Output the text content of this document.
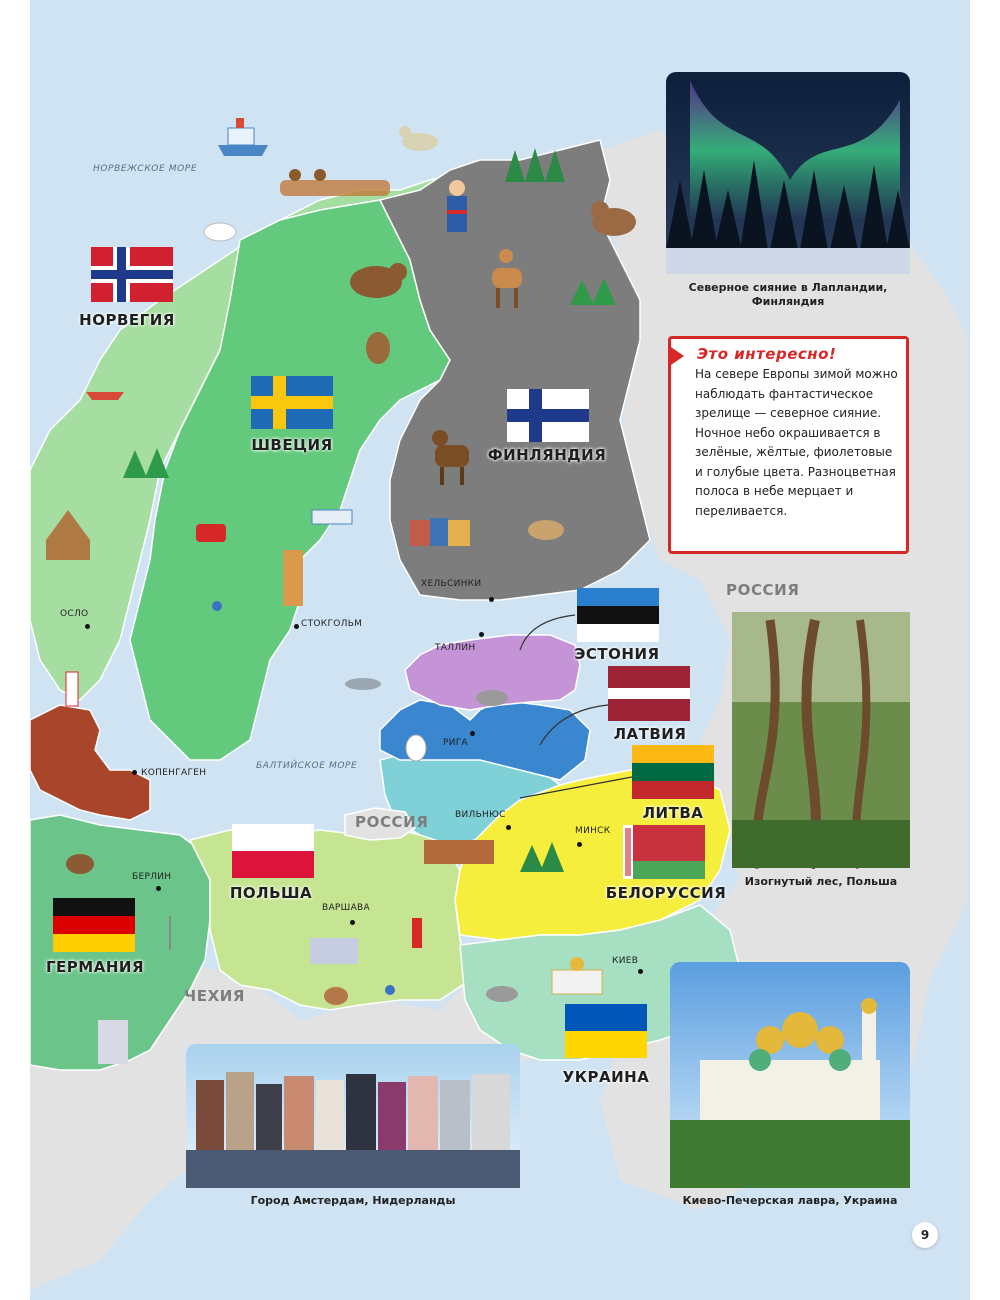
НОРВЕГИЯ
ШВЕЦИЯ
ФИНЛЯНДИЯ
ЭСТОНИЯ
ЛАТВИЯ
ЛИТВА
БЕЛОРУССИЯ
ПОЛЬША
ГЕРМАНИЯ
УКРАИНА
РОССИЯ
РОССИЯ
ЧЕХИЯ
НОРВЕЖСКОЕ МОРЕ
БАЛТИЙСКОЕ МОРЕ
ОСЛО
СТОКГОЛЬМ
ХЕЛЬСИНКИ
ТАЛЛИН
РИГА
ВИЛЬНЮС
МИНСК
ВАРШАВА
БЕРЛИН
КОПЕНГАГЕН
КИЕВ
Северное сияние в Лапландии, Финляндия
Изогнутый лес, Польша
Город Амстердам, Нидерланды	Киево-Печерская лавра, Украина
Это интересно!

На севере Европы зимой можно наблюдать фантастическое зрелище — северное сияние. Ночное небо окрашивается в зелёные, жёлтые, фиолетовые и голубые цвета. Разноцветная полоса в небе мерцает и переливается.

9
